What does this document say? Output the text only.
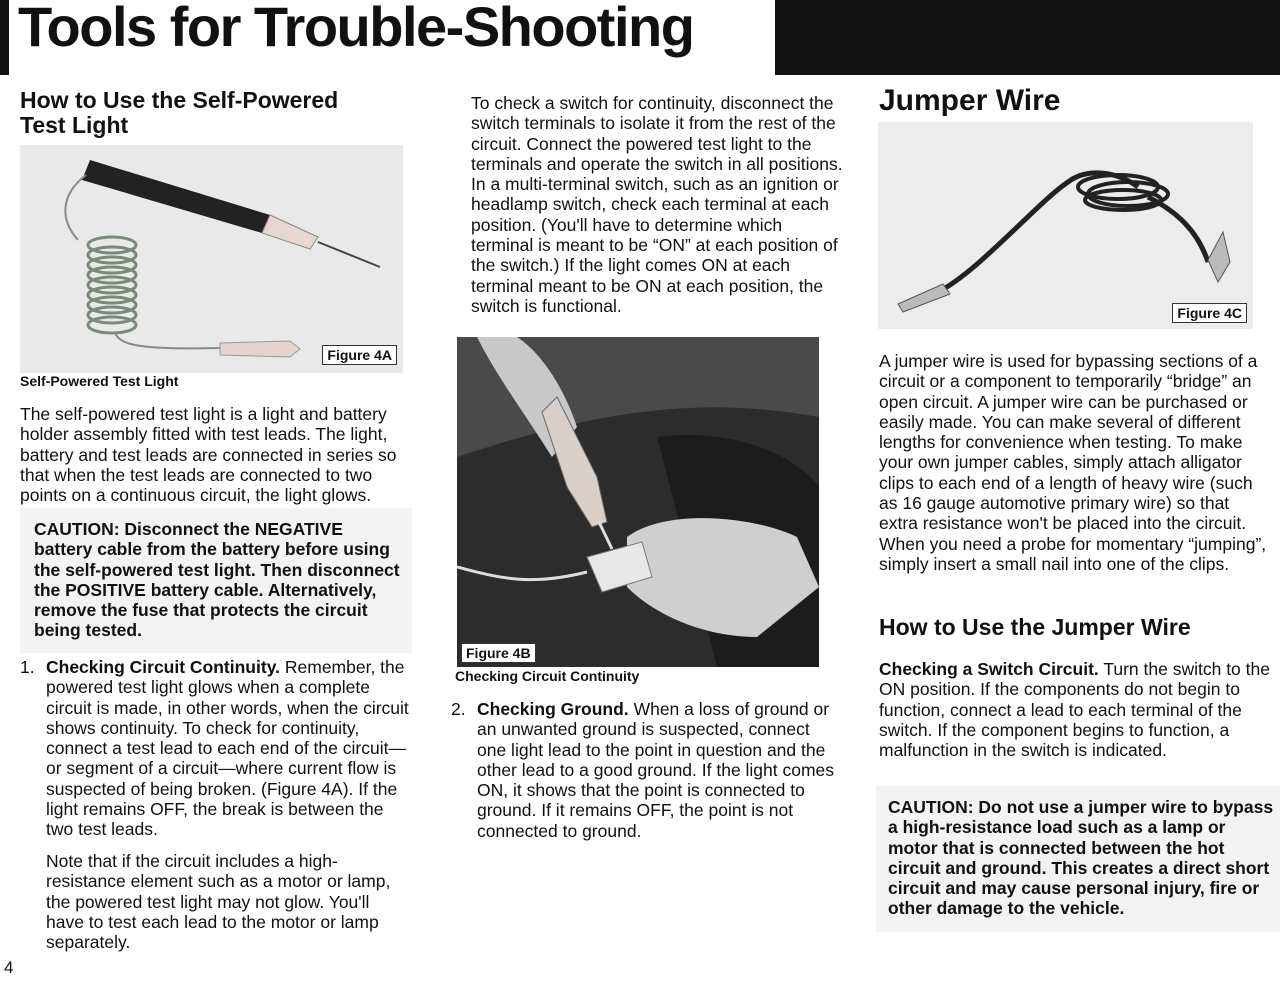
Tools for Trouble-Shooting
How to Use the Self-Powered Test Light
Figure 4A
Self-Powered Test Light

The self-powered test light is a light and battery holder assembly fitted with test leads. The light, battery and test leads are connected in series so that when the test leads are connected to two points on a continuous circuit, the light glows.

CAUTION: Disconnect the NEGATIVE battery cable from the battery before using the self-powered test light. Then disconnect the POSITIVE battery cable. Alternatively, remove the fuse that protects the circuit being tested.
1. Checking Circuit Continuity. Remember, the powered test light glows when a complete circuit is made, in other words, when the circuit shows continuity. To check for continuity, connect a test lead to each end of the circuit—or segment of a circuit—where current flow is suspected of being broken. (Figure 4A). If the light remains OFF, the break is between the two test leads.

Note that if the circuit includes a high-resistance element such as a motor or lamp, the powered test light may not glow. You'll have to test each lead to the motor or lamp separately.
4
To check a switch for continuity, disconnect the switch terminals to isolate it from the rest of the circuit. Connect the powered test light to the terminals and operate the switch in all positions. In a multi-terminal switch, such as an ignition or headlamp switch, check each terminal at each position. (You'll have to determine which terminal is meant to be “ON” at each position of the switch.) If the light comes ON at each terminal meant to be ON at each position, the switch is functional.
Figure 4B
Checking Circuit Continuity
2. Checking Ground. When a loss of ground or an unwanted ground is suspected, connect one light lead to the point in question and the other lead to a good ground. If the light comes ON, it shows that the point is connected to ground. If it remains OFF, the point is not connected to ground.

Jumper Wire
Figure 4C
A jumper wire is used for bypassing sections of a circuit or a component to temporarily “bridge” an open circuit. A jumper wire can be purchased or easily made. You can make several of different lengths for convenience when testing. To make your own jumper cables, simply attach alligator clips to each end of a length of heavy wire (such as 16 gauge automotive primary wire) so that extra resistance won't be placed into the circuit. When you need a probe for momentary “jumping”, simply insert a small nail into one of the clips.
How to Use the Jumper Wire

Checking a Switch Circuit. Turn the switch to the ON position. If the components do not begin to function, connect a lead to each terminal of the switch. If the component begins to function, a malfunction in the switch is indicated.

CAUTION: Do not use a jumper wire to bypass a high-resistance load such as a lamp or motor that is connected between the hot circuit and ground. This creates a direct short circuit and may cause personal injury, fire or other damage to the vehicle.
